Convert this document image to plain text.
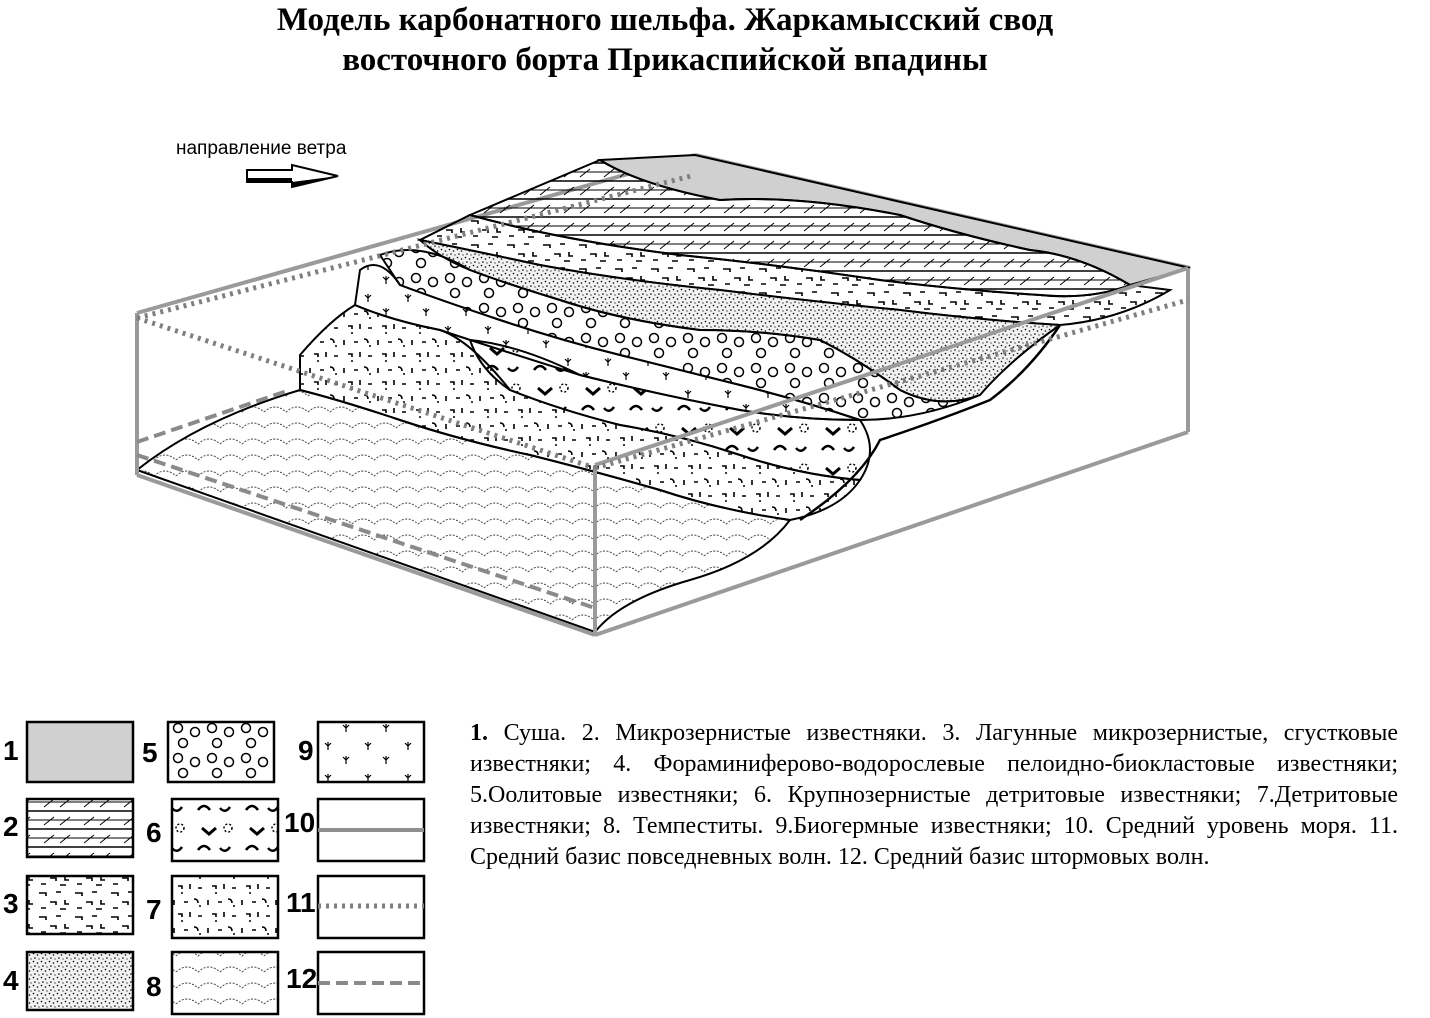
Модель карбонатного шельфа. Жаркамысский свод
восточного борта Прикаспийской впадины
направление ветра
1
2
3
4
5
6
7
8
9
10
11
12
1. Суша. 2. Микрозернистые известняки. 3. Лагунные микрозернистые, сгустковые известняки; 4. Фораминиферово-водорослевые пелоидно-биокластовые известняки; 5.Оолитовые известняки; 6. Крупнозернистые детритовые известняки; 7.Детритовые известняки; 8. Темпеститы. 9.Биогермные известняки; 10. Средний уровень моря. 11. Средний базис повседневных волн. 12. Средний базис штормовых волн.
